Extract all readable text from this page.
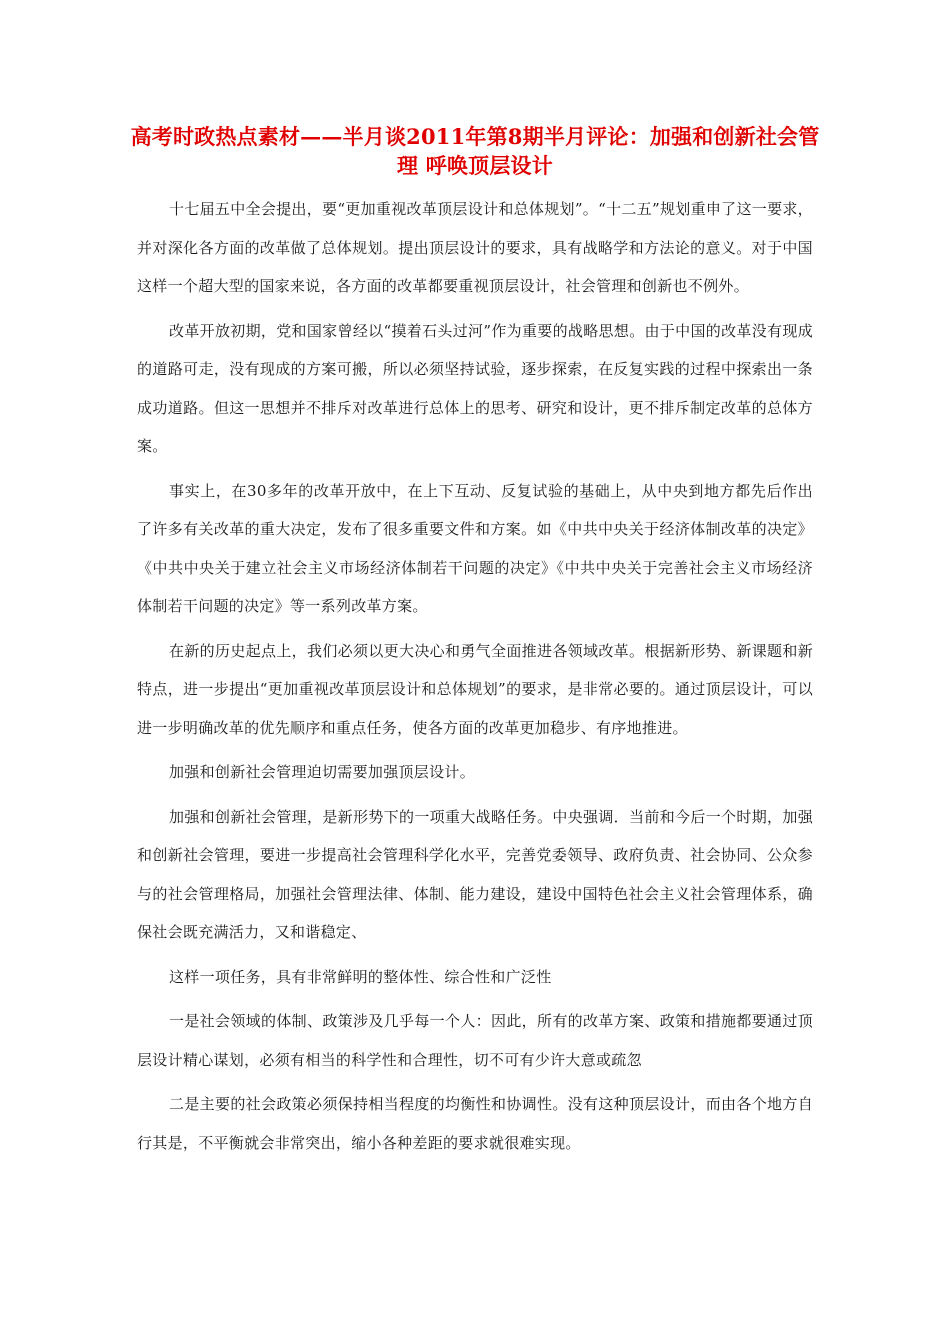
高考时政热点素材——半月谈2011年第8期半月评论：加强和创新社会管理 呼唤顶层设计

十七届五中全会提出，要“更加重视改革顶层设计和总体规划”。“十二五”规划重申了这一要求，并对深化各方面的改革做了总体规划。提出顶层设计的要求，具有战略学和方法论的意义。对于中国这样一个超大型的国家来说，各方面的改革都要重视顶层设计，社会管理和创新也不例外。

改革开放初期，党和国家曾经以“摸着石头过河”作为重要的战略思想。由于中国的改革没有现成的道路可走，没有现成的方案可搬，所以必须坚持试验，逐步探索，在反复实践的过程中探索出一条成功道路。但这一思想并不排斥对改革进行总体上的思考、研究和设计，更不排斥制定改革的总体方案。

事实上，在30多年的改革开放中，在上下互动、反复试验的基础上，从中央到地方都先后作出了许多有关改革的重大决定，发布了很多重要文件和方案。如《中共中央关于经济体制改革的决定》《中共中央关于建立社会主义市场经济体制若干问题的决定》《中共中央关于完善社会主义市场经济体制若干问题的决定》等一系列改革方案。

在新的历史起点上，我们必须以更大决心和勇气全面推进各领域改革。根据新形势、新课题和新特点，进一步提出“更加重视改革顶层设计和总体规划”的要求，是非常必要的。通过顶层设计，可以进一步明确改革的优先顺序和重点任务，使各方面的改革更加稳步、有序地推进。

加强和创新社会管理迫切需要加强顶层设计。

加强和创新社会管理，是新形势下的一项重大战略任务。中央强调．当前和今后一个时期，加强和创新社会管理，要进一步提高社会管理科学化水平，完善党委领导、政府负责、社会协同、公众参与的社会管理格局，加强社会管理法律、体制、能力建设，建设中国特色社会主义社会管理体系，确保社会既充满活力，又和谐稳定、

这样一项任务，具有非常鲜明的整体性、综合性和广泛性

一是社会领域的体制、政策涉及几乎每一个人：因此，所有的改革方案、政策和措施都要通过顶层设计精心谋划，必须有相当的科学性和合理性，切不可有少许大意或疏忽

二是主要的社会政策必须保持相当程度的均衡性和协调性。没有这种顶层设计，而由各个地方自行其是，不平衡就会非常突出，缩小各种差距的要求就很难实现。
